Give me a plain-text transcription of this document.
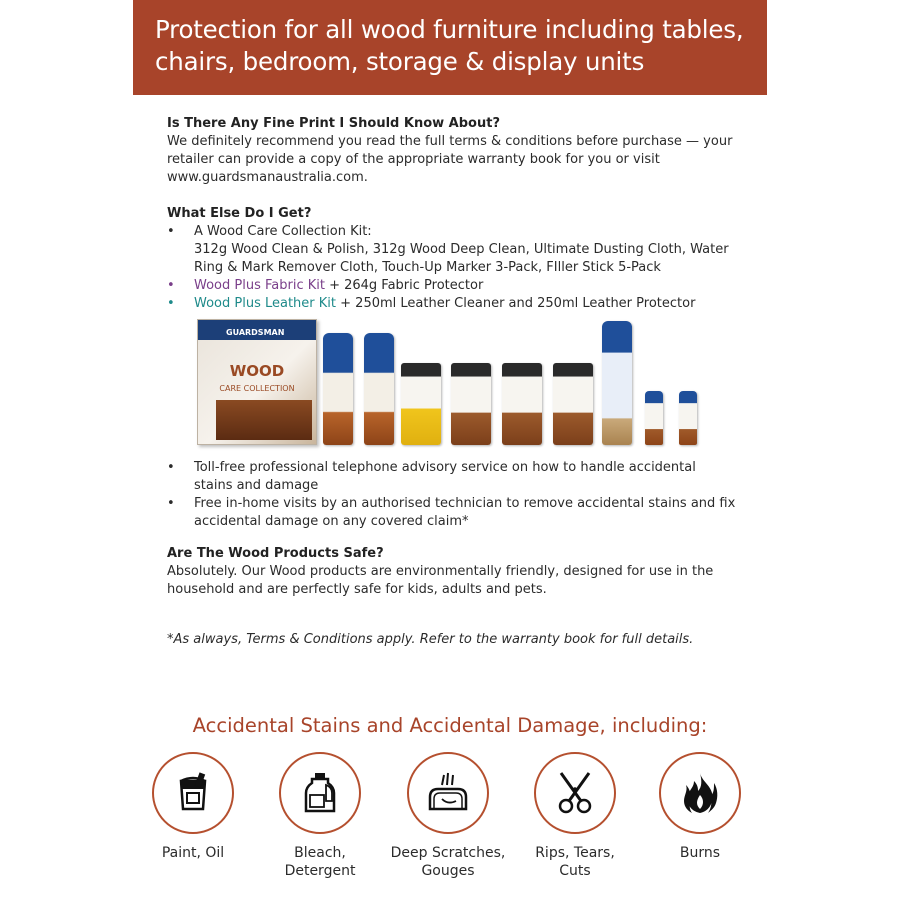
Protection for all wood furniture including tables, chairs, bedroom, storage & display units
Is There Any Fine Print I Should Know About?

We definitely recommend you read the full terms & conditions before purchase — your retailer can provide a copy of the appropriate warranty book for you or visit www.guardsmanaustralia.com.

What Else Do I Get?
•	A Wood Care Collection Kit:
312g Wood Clean & Polish, 312g Wood Deep Clean, Ultimate Dusting Cloth, Water Ring & Mark Remover Cloth, Touch-Up Marker 3-Pack, FIller Stick 5-Pack
•	Wood Plus Fabric Kit + 264g Fabric Protector
•	Wood Plus Leather Kit + 250ml Leather Cleaner and 250ml Leather Protector
GUARDSMAN
WOOD
CARE COLLECTION
•	Toll-free professional telephone advisory service on how to handle accidental stains and damage
•	Free in-home visits by an authorised technician to remove accidental stains and fix accidental damage on any covered claim*
Are The Wood Products Safe?

Absolutely. Our Wood products are environmentally friendly, designed for use in the household and are perfectly safe for kids, adults and pets.

*As always, Terms & Conditions apply. Refer to the warranty book for full details.
Accidental Stains and Accidental Damage, including:
Paint, Oil	Bleach,
Detergent
Deep Scratches,
Gouges
Rips, Tears,
Cuts
Burns
